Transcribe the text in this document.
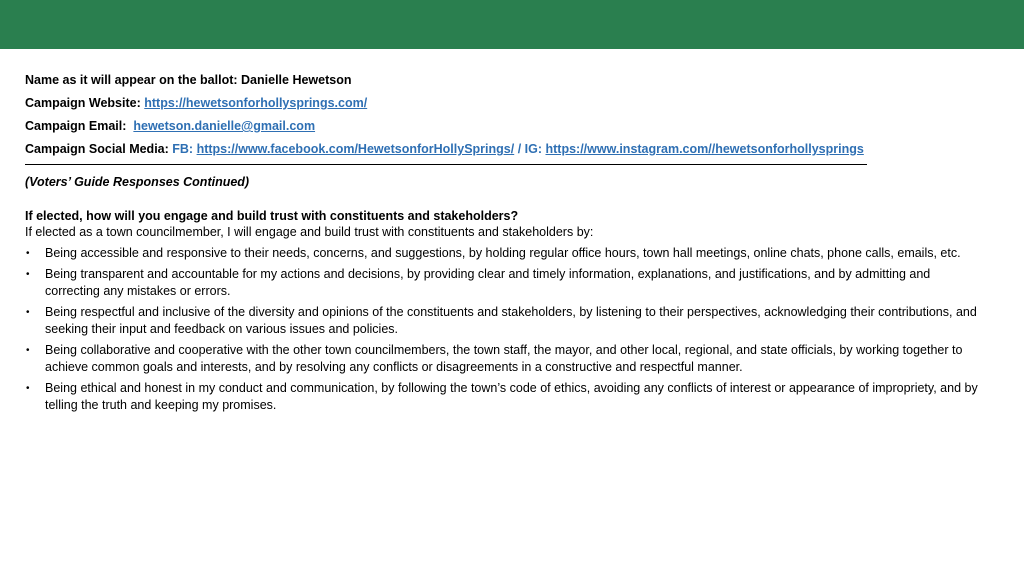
Name as it will appear on the ballot: Danielle Hewetson
Campaign Website: https://hewetsonforhollysprings.com/
Campaign Email: hewetson.danielle@gmail.com
Campaign Social Media: FB: https://www.facebook.com/HewetsonforHollySprings/ / IG: https://www.instagram.com//hewetsonforhollysprings
(Voters’ Guide Responses Continued)
If elected, how will you engage and build trust with constituents and stakeholders?
If elected as a town councilmember, I will engage and build trust with constituents and stakeholders by:
• Being accessible and responsive to their needs, concerns, and suggestions, by holding regular office hours, town hall meetings, online chats, phone calls, emails, etc.
• Being transparent and accountable for my actions and decisions, by providing clear and timely information, explanations, and justifications, and by admitting and correcting any mistakes or errors.
• Being respectful and inclusive of the diversity and opinions of the constituents and stakeholders, by listening to their perspectives, acknowledging their contributions, and seeking their input and feedback on various issues and policies.
• Being collaborative and cooperative with the other town councilmembers, the town staff, the mayor, and other local, regional, and state officials, by working together to achieve common goals and interests, and by resolving any conflicts or disagreements in a constructive and respectful manner.
• Being ethical and honest in my conduct and communication, by following the town’s code of ethics, avoiding any conflicts of interest or appearance of impropriety, and by telling the truth and keeping my promises.
